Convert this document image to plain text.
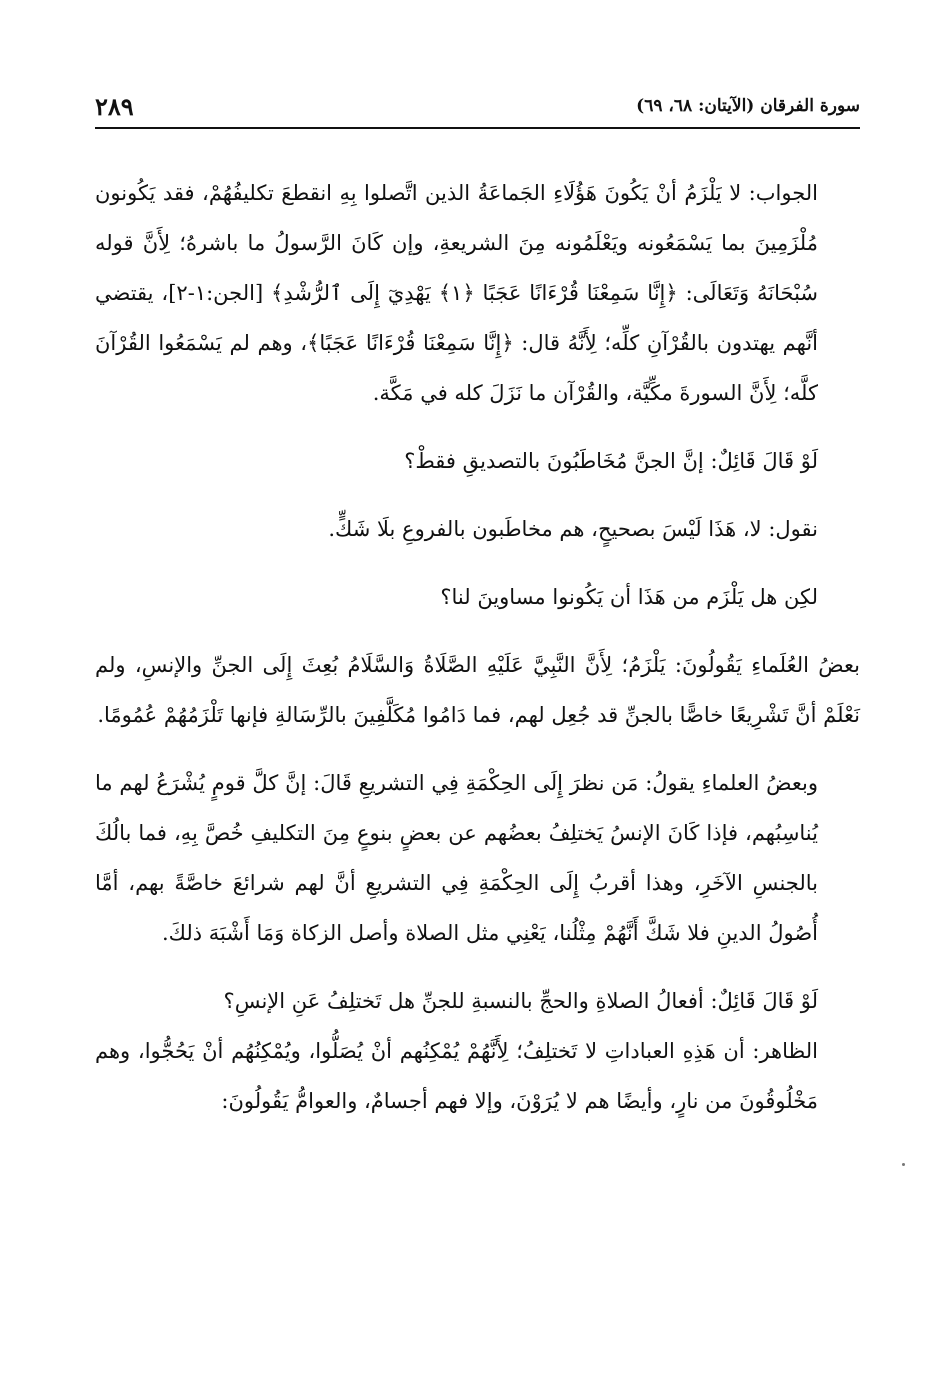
سورة الفرقان (الآيتان: ٦٨، ٦٩)
٢٨٩

الجواب: لا يَلْزَمُ أنْ يَكُونَ هَؤُلَاءِ الجَماعَةُ الذين اتَّصلوا بِهِ انقطعَ تكليفُهُمْ، فقد يَكُونون مُلْزَمِينَ بما يَسْمَعُونه ويَعْلَمُونه مِنَ الشريعةِ، وإن كَانَ الرَّسولُ ما باشرهُ؛ لِأَنَّ قوله سُبْحَانَهُ وَتَعَالَى: ﴿إِنَّا سَمِعْنَا قُرْءَانًا عَجَبًا ﴿١﴾ يَهْدِيٓ إِلَى ٱلرُّشْدِ﴾ [الجن:١-٢]، يقتضي أنَّهم يهتدون بالقُرْآنِ كلِّه؛ لِأَنَّهُ قال: ﴿إِنَّا سَمِعْنَا قُرْءَانًا عَجَبًا﴾، وهم لم يَسْمَعُوا القُرْآنَ كلَّه؛ لِأَنَّ السورةَ مكِّيَّة، والقُرْآن ما نَزَلَ كله في مَكَّة.

لَوْ قَالَ قَائِلٌ: إنَّ الجنَّ مُخَاطَبُونَ بالتصديقِ فقطْ؟

نقول: لا، هَذَا لَيْسَ بصحيحٍ، هم مخاطَبون بالفروعِ بلَا شَكٍّ.

لكِن هل يَلْزَم من هَذَا أن يَكُونوا مساوينَ لنا؟

بعضُ العُلَماءِ يَقُولُونَ: يَلْزَمُ؛ لِأَنَّ النَّبِيَّ عَلَيْهِ الصَّلَاةُ وَالسَّلَامُ بُعِثَ إِلَى الجنِّ والإنسِ، ولم نَعْلَمْ أنَّ تَشْرِيعًا خاصًّا بالجنِّ قد جُعِل لهم، فما دَامُوا مُكَلَّفِينَ بالرِّسَالةِ فإنها تَلْزَمُهُمْ عُمُومًا.

وبعضُ العلماءِ يقولُ: مَن نظرَ إِلَى الحِكْمَةِ فِي التشريعِ قَالَ: إنَّ كلَّ قومٍ يُشْرَعُ لهم ما يُناسِبُهم، فإذا كَانَ الإنسُ يَختلِفُ بعضُهم عن بعضٍ بنوعٍ مِنَ التكليفِ خُصَّ بِهِ، فما بالُكَ بالجنسِ الآخَرِ، وهذا أقربُ إِلَى الحِكْمَةِ فِي التشريعِ أنَّ لهم شرائعَ خاصَّةً بهم، أمَّا أُصُولُ الدينِ فلا شَكَّ أَنَّهُمْ مِثْلُنا، يَعْنِي مثل الصلاة وأصل الزكاة وَمَا أَشْبَهَ ذلكَ.

لَوْ قَالَ قَائِلٌ: أفعالُ الصلاةِ والحجِّ بالنسبةِ للجنِّ هل تَختلِفُ عَنِ الإنسِ؟

الظاهر: أن هَذِهِ العباداتِ لا تَختلِفُ؛ لِأَنَّهُمْ يُمْكِنُهم أنْ يُصَلُّوا، ويُمْكِنُهُم أنْ يَحُجُّوا، وهم مَخْلُوقُونَ من نارٍ، وأيضًا هم لا يُرَوْنَ، وإلا فهم أجسامٌ، والعوامُّ يَقُولُونَ:
